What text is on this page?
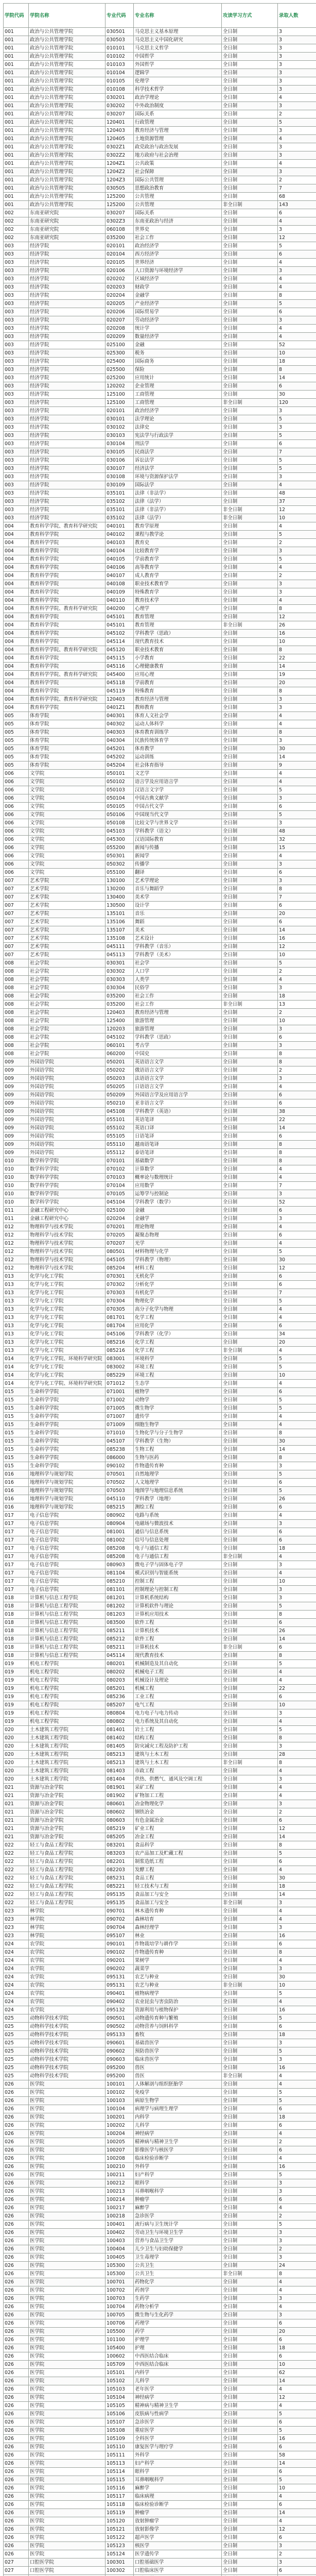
学院代码	学院名称	专业代码	专业名称	攻读学习方式	录取人数
001	政治与公共管理学院	030501	马克思主义基本原理	全日制	3
001	政治与公共管理学院	030503	马克思主义中国化研究	全日制	3
001	政治与公共管理学院	010101	马克思主义哲学	全日制	3
001	政治与公共管理学院	010102	中国哲学	全日制	3
001	政治与公共管理学院	010103	外国哲学	全日制	3
001	政治与公共管理学院	010104	逻辑学	全日制	3
001	政治与公共管理学院	010105	伦理学	全日制	3
001	政治与公共管理学院	010108	科学技术哲学	全日制	3
001	政治与公共管理学院	030201	政治学理论	全日制	4
001	政治与公共管理学院	030202	中外政治制度	全日制	3
001	政治与公共管理学院	030207	国际关系	全日制	2
001	政治与公共管理学院	120401	行政管理	全日制	5
001	政治与公共管理学院	120403	教育经济与管理	全日制	3
001	政治与公共管理学院	120405	土地资源管理	全日制	4
001	政治与公共管理学院	0302Z1	政党政治与政治发展	全日制	3
001	政治与公共管理学院	0302Z2	地方政府与社会治理	全日制	3
001	政治与公共管理学院	1204Z1	公共政策	全日制	4
001	政治与公共管理学院	1204Z2	社会保障	全日制	3
001	政治与公共管理学院	1204Z3	国际公共管理	全日制	2
001	政治与公共管理学院	030505	思想政治教育	全日制	7
001	政治与公共管理学院	125200	公共管理	全日制	68
001	政治与公共管理学院	125200	公共管理	非全日制	143
002	东南亚研究院	030207	国际关系	全日制	6
002	东南亚研究院	0302Z3	东南亚政治与经济	全日制	4
002	东南亚研究院	060108	世界史	全日制	3
002	东南亚研究院	035200	社会工作	全日制	12
003	经济学院	020101	政治经济学	全日制	5
003	经济学院	020104	西方经济学	全日制	6
003	经济学院	020105	世界经济	全日制	4
003	经济学院	020106	人口资源与环境经济学	全日制	3
003	经济学院	020202	区域经济学	全日制	4
003	经济学院	020203	财政学	全日制	4
003	经济学院	020204	金融学	全日制	8
003	经济学院	020205	产业经济学	全日制	5
003	经济学院	020206	国际贸易学	全日制	6
003	经济学院	020207	劳动经济学	全日制	3
003	经济学院	020208	统计学	全日制	4
003	经济学院	020209	数量经济学	全日制	4
003	经济学院	025100	金融	全日制	52
003	经济学院	025300	税务	全日制	10
003	经济学院	025400	国际商务	全日制	18
003	经济学院	025500	保险	全日制	8
003	经济学院	025200	应用统计	全日制	14
003	经济学院	120202	企业管理	全日制	6
003	经济学院	125100	工商管理	全日制	30
003	经济学院	125100	工商管理	非全日制	120
003	经济学院	020101	政治经济学	全日制	3
003	经济学院	030101	法学理论	全日制	5
003	经济学院	030102	法律史	全日制	3
003	经济学院	030103	宪法学与行政法学	全日制	5
003	经济学院	030104	刑法学	全日制	6
003	经济学院	030105	民商法学	全日制	7
003	经济学院	030106	诉讼法学	全日制	5
003	经济学院	030107	经济法学	全日制	5
003	经济学院	030108	环境与资源保护法学	全日制	3
003	经济学院	030109	国际法学	全日制	4
003	经济学院	035101	法律（非法学）	全日制	48
003	经济学院	035102	法律（法学）	全日制	37
003	经济学院	035101	法律（非法学）	非全日制	12
003	经济学院	035102	法律（法学）	非全日制	10
004	教育科学学院、教育科学研究院	040101	教育学原理	全日制	4
004	教育科学学院	040102	课程与教学论	全日制	5
004	教育科学学院	040103	教育史	全日制	2
004	教育科学学院	040104	比较教育学	全日制	3
004	教育科学学院	040105	学前教育学	全日制	5
004	教育科学学院	040106	高等教育学	全日制	4
004	教育科学学院	040107	成人教育学	全日制	2
004	教育科学学院	040108	职业技术教育学	全日制	3
004	教育科学学院	040109	特殊教育学	全日制	3
004	教育科学学院	040110	教育技术学	全日制	4
004	教育科学学院、教育科学研究院	040200	心理学	全日制	8
004	教育科学学院	045101	教育管理	全日制	12
004	教育科学学院	045101	教育管理	非全日制	26
004	教育科学学院	045102	学科教学（思政）	全日制	16
004	教育科学学院	045114	现代教育技术	全日制	10
004	教育科学学院、教育科学研究院	045120	职业技术教育	全日制	8
004	教育科学学院	045115	小学教育	全日制	22
004	教育科学学院	045116	心理健康教育	全日制	14
004	教育科学学院、教育科学研究院	045400	应用心理	全日制	19
004	教育科学学院	045118	学前教育	全日制	20
004	教育科学学院	045119	特殊教育	全日制	8
004	教育科学学院、教育科学研究院	120403	教育经济与管理	全日制	3
004	教育科学学院	0401Z1	教师教育	全日制	3
005	体育学院	040301	体育人文社会学	全日制	4
005	体育学院	040302	运动人体科学	全日制	4
005	体育学院	040303	体育教育训练学	全日制	8
005	体育学院	040304	民族传统体育学	全日制	3
005	体育学院	045201	体育教学	全日制	30
005	体育学院	045202	运动训练	全日制	14
005	体育学院	045204	社会体育指导	全日制	9
006	文学院	050101	文艺学	全日制	4
006	文学院	050102	语言学及应用语言学	全日制	4
006	文学院	050103	汉语言文字学	全日制	5
006	文学院	050104	中国古典文献学	全日制	3
006	文学院	050105	中国古代文学	全日制	6
006	文学院	050106	中国现当代文学	全日制	5
006	文学院	050108	比较文学与世界文学	全日制	3
006	文学院	045103	学科教学（语文）	全日制	48
006	文学院	045300	汉语国际教育	全日制	32
006	文学院	055200	新闻与传播	全日制	15
006	文学院	050301	新闻学	全日制	4
006	文学院	050302	传播学	全日制	3
006	文学院	055100	翻译	全日制	6
007	艺术学院	130100	艺术学理论	全日制	3
007	艺术学院	130200	音乐与舞蹈学	全日制	8
007	艺术学院	130400	美术学	全日制	7
007	艺术学院	130500	设计学	全日制	6
007	艺术学院	135101	音乐	全日制	20
007	艺术学院	135106	舞蹈	全日制	6
007	艺术学院	135107	美术	全日制	14
007	艺术学院	135108	艺术设计	全日制	16
007	艺术学院	045111	学科教学（音乐）	全日制	12
007	艺术学院	045113	学科教学（美术）	全日制	10
008	社会学院	030301	社会学	全日制	5
008	社会学院	030302	人口学	全日制	2
008	社会学院	030303	人类学	全日制	4
008	社会学院	030304	民俗学	全日制	3
008	社会学院	035200	社会工作	全日制	18
008	社会学院	035200	社会工作	非全日制	13
008	社会学院	120403	教育经济与管理	全日制	2
008	社会学院	125400	旅游管理	全日制	10
008	社会学院	120203	旅游管理	全日制	3
008	社会学院	045102	学科教学（思政）	全日制	6
008	社会学院	060101	考古学	全日制	3
008	社会学院	060200	中国史	全日制	8
009	外国语学院	050201	英语语言文学	全日制	8
009	外国语学院	050202	俄语语言文学	全日制	2
009	外国语学院	050203	法语语言文学	全日制	3
009	外国语学院	050205	日语语言文学	全日制	4
009	外国语学院	050209	外国语言学及应用语言学	全日制	6
009	外国语学院	050210	亚非语言文学	全日制	6
009	外国语学院	045108	学科教学（英语）	全日制	38
009	外国语学院	055101	英语笔译	全日制	22
009	外国语学院	055102	英语口译	全日制	14
009	外国语学院	055105	日语笔译	全日制	6
009	外国语学院	055110	越南语笔译	全日制	8
009	外国语学院	055112	泰语笔译	全日制	8
010	数学科学学院	070101	基础数学	全日制	8
010	数学科学学院	070102	计算数学	全日制	4
010	数学科学学院	070103	概率论与数理统计	全日制	4
010	数学科学学院	070104	应用数学	全日制	7
010	数学科学学院	070105	运筹学与控制论	全日制	3
010	数学科学学院	045104	学科教学（数学）	全日制	52
011	金融工程研究中心	025100	金融	全日制	6
011	金融工程研究中心	020204	金融学	全日制	3
012	物理科学与技术学院	070201	理论物理	全日制	4
012	物理科学与技术学院	070205	凝聚态物理	全日制	6
012	物理科学与技术学院	070207	光学	全日制	4
012	物理科学与技术学院	080501	材料物理与化学	全日制	5
012	物理科学与技术学院	045105	学科教学（物理）	全日制	30
012	物理科学与技术学院	085204	材料工程	全日制	12
013	化学与化工学院	070301	无机化学	全日制	6
013	化学与化工学院	070302	分析化学	全日制	6
013	化学与化工学院	070303	有机化学	全日制	7
013	化学与化工学院	070304	物理化学	全日制	5
013	化学与化工学院	070305	高分子化学与物理	全日制	4
013	化学与化工学院	081701	化学工程	全日制	4
013	化学与化工学院	081704	应用化学	全日制	6
013	化学与化工学院	045106	学科教学（化学）	全日制	34
013	化学与化工学院	085216	化学工程	全日制	20
013	化学与化工学院	085216	化学工程	非全日制	4
014	化学与化工学院、环境科学研究院	083001	环境科学	全日制	5
014	化学与化工学院	083002	环境工程	全日制	5
014	化学与化工学院	085229	环境工程	全日制	10
014	化学与化工学院、环境科学研究院	071012	生态学	全日制	4
015	生命科学学院	071001	植物学	全日制	6
015	生命科学学院	071002	动物学	全日制	5
015	生命科学学院	071005	微生物学	全日制	5
015	生命科学学院	071007	遗传学	全日制	4
015	生命科学学院	071009	细胞生物学	全日制	4
015	生命科学学院	071010	生物化学与分子生物学	全日制	8
015	生命科学学院	045107	学科教学（生物）	全日制	30
015	生命科学学院	085238	生物工程	全日制	14
015	生命科学学院	086000	生物与医药	全日制	8
015	生命科学学院	090102	作物遗传育种	全日制	3
016	地理科学与规划学院	070501	自然地理学	全日制	5
016	地理科学与规划学院	070502	人文地理学	全日制	6
016	地理科学与规划学院	070503	地图学与地理信息系统	全日制	5
016	地理科学与规划学院	045110	学科教学（地理）	全日制	26
016	地理科学与规划学院	085215	测绘工程	全日制	6
017	电子信息学院	080902	电路与系统	全日制	4
017	电子信息学院	080904	电磁场与微波技术	全日制	3
017	电子信息学院	081001	通信与信息系统	全日制	6
017	电子信息学院	081002	信号与信息处理	全日制	6
017	电子信息学院	085208	电子与通信工程	全日制	18
017	电子信息学院	085208	电子与通信工程	非全日制	4
017	电子信息学院	080903	微电子学与固体电子学	全日制	3
017	电子信息学院	081104	模式识别与智能系统	全日制	4
017	电子信息学院	085210	控制工程	全日制	10
017	电子信息学院	081101	控制理论与控制工程	全日制	3
018	计算机与信息工程学院	081201	计算机系统结构	全日制	3
018	计算机与信息工程学院	081202	计算机软件与理论	全日制	5
018	计算机与信息工程学院	081203	计算机应用技术	全日制	8
018	计算机与信息工程学院	083500	软件工程	全日制	6
018	计算机与信息工程学院	085211	计算机技术	全日制	26
018	计算机与信息工程学院	085212	软件工程	全日制	14
018	计算机与信息工程学院	085211	计算机技术	非全日制	6
018	计算机与信息工程学院	045114	现代教育技术	全日制	8
019	机电工程学院	080201	机械制造及其自动化	全日制	5
019	机电工程学院	080202	机械电子工程	全日制	4
019	机电工程学院	080203	机械设计及理论	全日制	4
019	机电工程学院	085201	机械工程	全日制	22
019	机电工程学院	085236	工业工程	全日制	6
019	机电工程学院	085207	电气工程	全日制	10
019	机电工程学院	080804	电力电子与电力传动	全日制	3
019	机电工程学院	080802	电力系统及其自动化	全日制	4
020	土木建筑工程学院	081401	岩土工程	全日制	5
020	土木建筑工程学院	081402	结构工程	全日制	8
020	土木建筑工程学院	081405	防灾减灾工程及防护工程	全日制	3
020	土木建筑工程学院	085213	建筑与土木工程	全日制	28
020	土木建筑工程学院	085213	建筑与土木工程	非全日制	8
020	土木建筑工程学院	081403	市政工程	全日制	4
020	土木建筑工程学院	081404	供热、供燃气、通风及空调工程	全日制	3
021	资源与冶金学院	081901	采矿工程	全日制	4
021	资源与冶金学院	081902	矿物加工工程	全日制	4
021	资源与冶金学院	080601	冶金物理化学	全日制	3
021	资源与冶金学院	080602	钢铁冶金	全日制	2
021	资源与冶金学院	080603	有色金属冶金	全日制	6
021	资源与冶金学院	085219	矿业工程	全日制	12
021	资源与冶金学院	085205	冶金工程	全日制	14
022	轻工与食品工程学院	083201	食品科学	全日制	8
022	轻工与食品工程学院	083203	农产品加工及贮藏工程	全日制	5
022	轻工与食品工程学院	082201	制浆造纸工程	全日制	6
022	轻工与食品工程学院	082203	发酵工程	全日制	4
022	轻工与食品工程学院	085231	食品工程	全日制	30
022	轻工与食品工程学院	085221	轻工技术与工程	全日制	18
022	轻工与食品工程学院	095135	食品加工与安全	全日制	14
022	轻工与食品工程学院	095135	食品加工与安全	非全日制	3
023	林学院	090701	林木遗传育种	全日制	4
023	林学院	090702	森林培育	全日制	4
023	林学院	090704	森林经理学	全日制	3
023	林学院	095107	林业	全日制	16
024	农学院	090101	作物栽培学与耕作学	全日制	6
024	农学院	090102	作物遗传育种	全日制	8
024	农学院	090201	果树学	全日制	4
024	农学院	090202	蔬菜学	全日制	3
024	农学院	095131	农艺与种业	全日制	30
024	农学院	095131	农艺与种业	非全日制	10
024	农学院	090401	植物病理学	全日制	5
024	农学院	090402	农业昆虫与害虫防治	全日制	4
024	农学院	095132	资源利用与植物保护	全日制	16
025	动物科学技术学院	090501	动物遗传育种与繁殖	全日制	5
025	动物科学技术学院	090502	动物营养与饲料科学	全日制	6
025	动物科学技术学院	095133	畜牧	全日制	18
025	动物科学技术学院	090601	基础兽医学	全日制	3
025	动物科学技术学院	090602	预防兽医学	全日制	5
025	动物科学技术学院	090603	临床兽医学	全日制	3
025	动物科学技术学院	095200	兽医	全日制	16
025	动物科学技术学院	095200	兽医	非全日制	4
026	医学院	100101	人体解剖与组织胚胎学	全日制	4
026	医学院	100102	免疫学	全日制	5
026	医学院	100103	病原生物学	全日制	5
026	医学院	100104	病理学与病理生理学	全日制	6
026	医学院	100201	内科学	全日制	18
026	医学院	100202	儿科学	全日制	6
026	医学院	100204	神经病学	全日制	4
026	医学院	100205	精神病与精神卫生学	全日制	2
026	医学院	100207	影像医学与核医学	全日制	6
026	医学院	100208	临床检验诊断学	全日制	4
026	医学院	100210	外科学	全日制	16
026	医学院	100211	妇产科学	全日制	5
026	医学院	100212	眼科学	全日制	3
026	医学院	100213	耳鼻咽喉科学	全日制	3
026	医学院	100214	肿瘤学	全日制	6
026	医学院	100217	麻醉学	全日制	4
026	医学院	100218	急诊医学	全日制	2
026	医学院	100401	流行病与卫生统计学	全日制	5
026	医学院	100402	劳动卫生与环境卫生学	全日制	3
026	医学院	100403	营养与食品卫生学	全日制	3
026	医学院	100404	儿少卫生与妇幼保健学	全日制	2
026	医学院	100405	卫生毒理学	全日制	3
026	医学院	105300	公共卫生	全日制	24
026	医学院	105300	公共卫生	非全日制	8
026	医学院	100701	药物化学	全日制	4
026	医学院	100702	药剂学	全日制	4
026	医学院	100703	生药学	全日制	3
026	医学院	100704	药物分析学	全日制	4
026	医学院	100705	微生物与生化药学	全日制	3
026	医学院	100706	药理学	全日制	6
026	医学院	105500	药学	全日制	20
026	医学院	101100	护理学	全日制	6
026	医学院	105400	护理	全日制	18
026	医学院	100602	中西医结合临床	全日制	6
026	医学院	105709	中西医结合临床	全日制	10
026	医学院	105101	内科学	全日制	62
026	医学院	105102	儿科学	全日制	14
026	医学院	105103	老年医学	全日制	4
026	医学院	105104	神经病学	全日制	12
026	医学院	105105	精神病与精神卫生学	全日制	4
026	医学院	105106	皮肤病与性病学	全日制	5
026	医学院	105107	急诊医学	全日制	6
026	医学院	105108	重症医学	全日制	5
026	医学院	105109	全科医学	全日制	16
026	医学院	105110	康复医学与理疗学	全日制	6
026	医学院	105111	外科学	全日制	58
026	医学院	105113	妇产科学	全日制	14
026	医学院	105114	眼科学	全日制	6
026	医学院	105115	耳鼻咽喉科学	全日制	5
026	医学院	105116	麻醉学	全日制	10
026	医学院	105117	临床病理	全日制	4
026	医学院	105118	临床检验诊断学	全日制	6
026	医学院	105119	肿瘤学	全日制	14
026	医学院	105120	放射肿瘤学	全日制	4
026	医学院	105121	放射影像学	全日制	12
026	医学院	105122	超声医学	全日制	6
026	医学院	105123	核医学	全日制	3
026	医学院	105124	医学遗传学	全日制	2
027	口腔医学院	100301	口腔基础医学	全日制	3
027	口腔医学院	100302	口腔临床医学	全日制	6
